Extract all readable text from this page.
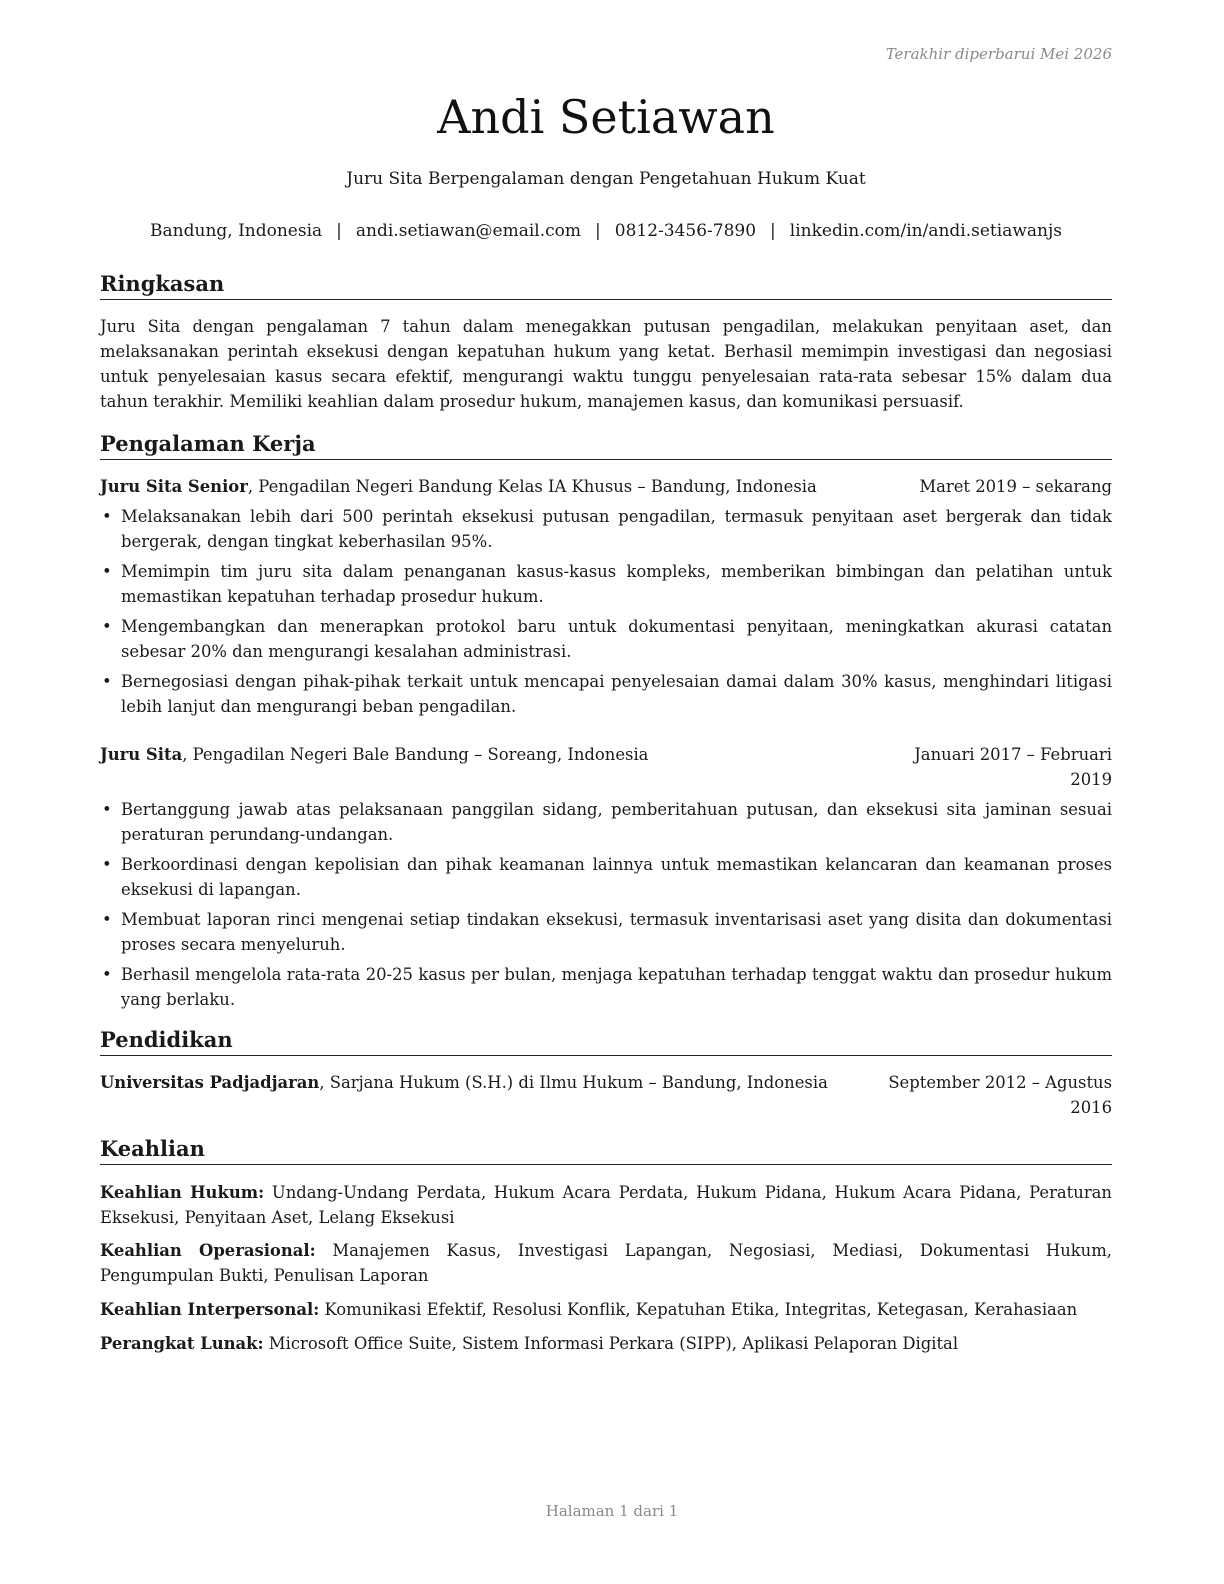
Terakhir diperbarui Mei 2026
Andi Setiawan
Juru Sita Berpengalaman dengan Pengetahuan Hukum Kuat
Bandung, Indonesia | andi.setiawan@email.com | 0812-3456-7890 | linkedin.com/in/andi.setiawanjs
Ringkasan
Juru Sita dengan pengalaman 7 tahun dalam menegakkan putusan pengadilan, melakukan penyitaan aset, dan melaksanakan perintah eksekusi dengan kepatuhan hukum yang ketat. Berhasil memimpin investigasi dan negosiasi untuk penyelesaian kasus secara efektif, mengurangi waktu tunggu penyelesaian rata-rata sebesar 15% dalam dua tahun terakhir. Memiliki keahlian dalam prosedur hukum, manajemen kasus, dan komunikasi persuasif.
Pengalaman Kerja
Juru Sita Senior, Pengadilan Negeri Bandung Kelas IA Khusus – Bandung, Indonesia	Maret 2019 – sekarang
• Melaksanakan lebih dari 500 perintah eksekusi putusan pengadilan, termasuk penyitaan aset bergerak dan tidak bergerak, dengan tingkat keberhasilan 95%.
• Memimpin tim juru sita dalam penanganan kasus-kasus kompleks, memberikan bimbingan dan pelatihan untuk memastikan kepatuhan terhadap prosedur hukum.
• Mengembangkan dan menerapkan protokol baru untuk dokumentasi penyitaan, meningkatkan akurasi catatan sebesar 20% dan mengurangi kesalahan administrasi.
• Bernegosiasi dengan pihak-pihak terkait untuk mencapai penyelesaian damai dalam 30% kasus, menghindari litigasi lebih lanjut dan mengurangi beban pengadilan.
Juru Sita, Pengadilan Negeri Bale Bandung – Soreang, Indonesia	Januari 2017 – Februari
2019
• Bertanggung jawab atas pelaksanaan panggilan sidang, pemberitahuan putusan, dan eksekusi sita jaminan sesuai peraturan perundang-undangan.
• Berkoordinasi dengan kepolisian dan pihak keamanan lainnya untuk memastikan kelancaran dan keamanan proses eksekusi di lapangan.
• Membuat laporan rinci mengenai setiap tindakan eksekusi, termasuk inventarisasi aset yang disita dan dokumentasi proses secara menyeluruh.
• Berhasil mengelola rata-rata 20-25 kasus per bulan, menjaga kepatuhan terhadap tenggat waktu dan prosedur hukum yang berlaku.
Pendidikan
Universitas Padjadjaran, Sarjana Hukum (S.H.) di Ilmu Hukum – Bandung, Indonesia	September 2012 – Agustus
2016
Keahlian
Keahlian Hukum: Undang-Undang Perdata, Hukum Acara Perdata, Hukum Pidana, Hukum Acara Pidana, Peraturan Eksekusi, Penyitaan Aset, Lelang Eksekusi
Keahlian Operasional: Manajemen Kasus, Investigasi Lapangan, Negosiasi, Mediasi, Dokumentasi Hukum, Pengumpulan Bukti, Penulisan Laporan
Keahlian Interpersonal: Komunikasi Efektif, Resolusi Konflik, Kepatuhan Etika, Integritas, Ketegasan, Kerahasiaan
Perangkat Lunak: Microsoft Office Suite, Sistem Informasi Perkara (SIPP), Aplikasi Pelaporan Digital
Halaman 1 dari 1
